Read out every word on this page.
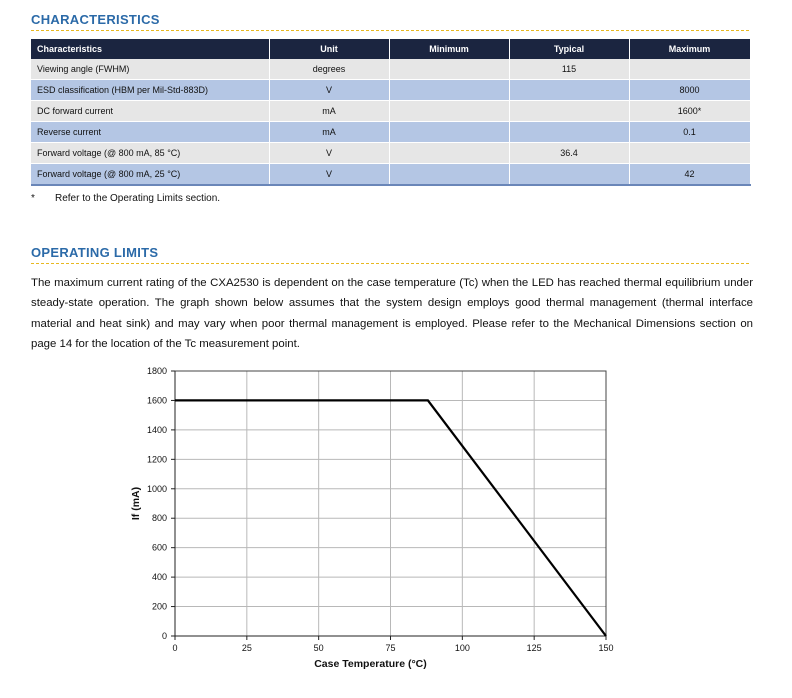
CHARACTERISTICS
Characteristics	Unit	Minimum	Typical	Maximum
Viewing angle (FWHM)	degrees		115	
ESD classification (HBM per Mil-Std-883D)	V			8000
DC forward current	mA			1600*
Reverse current	mA			0.1
Forward voltage (@ 800 mA, 85 °C)	V		36.4	
Forward voltage (@ 800 mA, 25 °C)	V			42
* Refer to the Operating Limits section.
OPERATING LIMITS
The maximum current rating of the CXA2530 is dependent on the case temperature (Tc) when the LED has reached thermal equilibrium under steady-state operation. The graph shown below assumes that the system design employs good thermal management (thermal interface material and heat sink) and may vary when poor thermal management is employed. Please refer to the Mechanical Dimensions section on page 14 for the location of the Tc measurement point.
0	25	50	75	100	125	150
0
200
400
600
800
1000
1200
1400
1600
1800
Case Temperature (°C)
If (mA)
